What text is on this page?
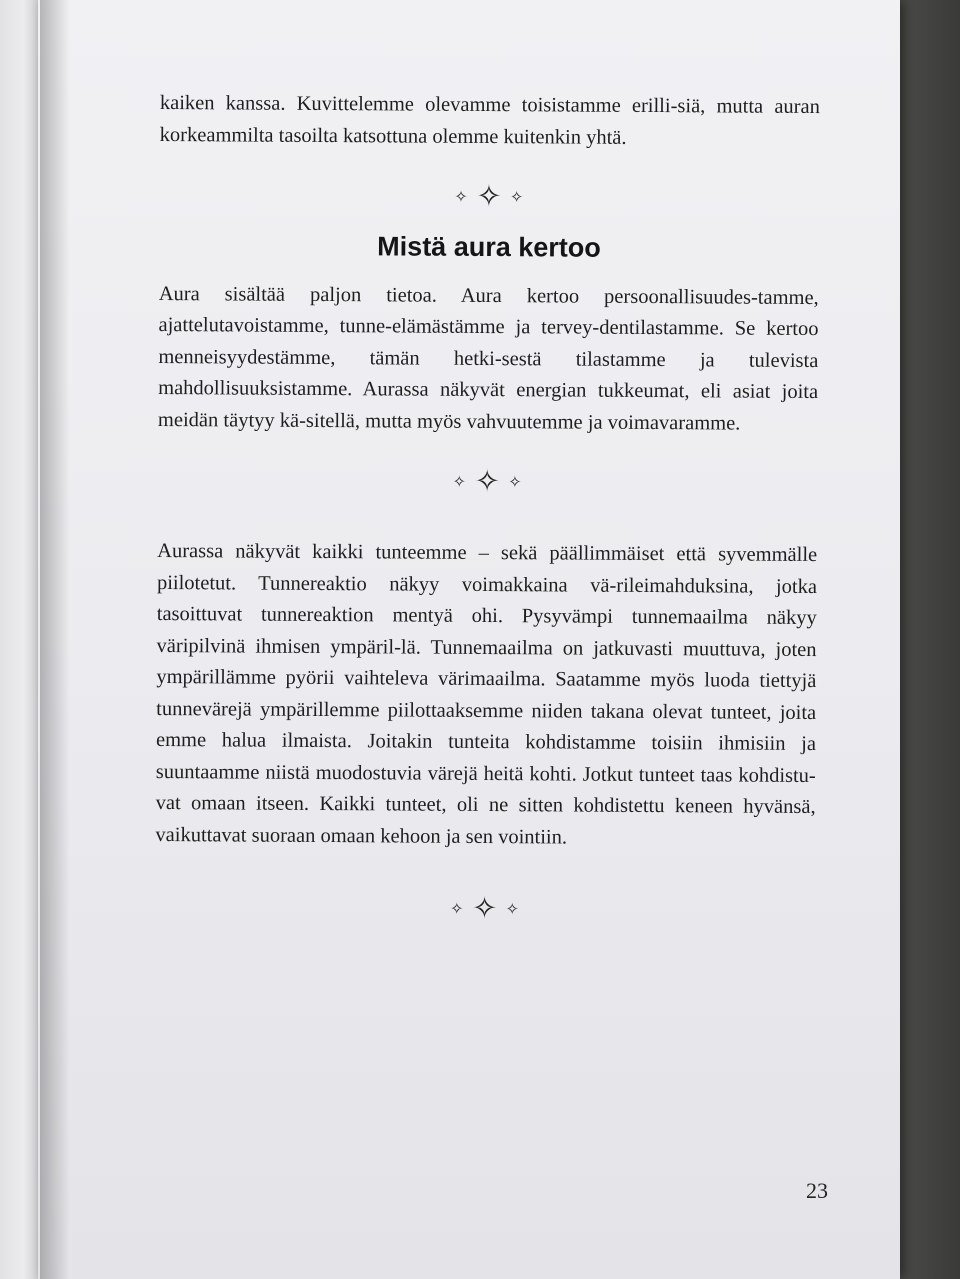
kaiken kanssa. Kuvittelemme olevamme toisistamme erilli-siä, mutta auran korkeammilta tasoilta katsottuna olemme kuitenkin yhtä.

✧ ✧ ✧
Mistä aura kertoo

Aura sisältää paljon tietoa. Aura kertoo persoonallisuudes-tamme, ajattelutavoistamme, tunne-elämästämme ja tervey-dentilastamme. Se kertoo menneisyydestämme, tämän hetki-sestä tilastamme ja tulevista mahdollisuuksistamme. Aurassa näkyvät energian tukkeumat, eli asiat joita meidän täytyy kä-sitellä, mutta myös vahvuutemme ja voimavaramme.

✧ ✧ ✧

Aurassa näkyvät kaikki tunteemme – sekä päällimmäiset että syvemmälle piilotetut. Tunnereaktio näkyy voimakkaina vä-rileimahduksina, jotka tasoittuvat tunnereaktion mentyä ohi. Pysyvämpi tunnemaailma näkyy väripilvinä ihmisen ympäril-lä. Tunnemaailma on jatkuvasti muuttuva, joten ympärillämme pyörii vaihteleva värimaailma. Saatamme myös luoda tiettyjä tunnevärejä ympärillemme piilottaaksemme niiden takana olevat tunteet, joita emme halua ilmaista. Joitakin tunteita kohdistamme toisiin ihmisiin ja suuntaamme niistä muodostuvia värejä heitä kohti. Jotkut tunteet taas kohdistu-vat omaan itseen. Kaikki tunteet, oli ne sitten kohdistettu keneen hyvänsä, vaikuttavat suoraan omaan kehoon ja sen vointiin.

✧ ✧ ✧
23
